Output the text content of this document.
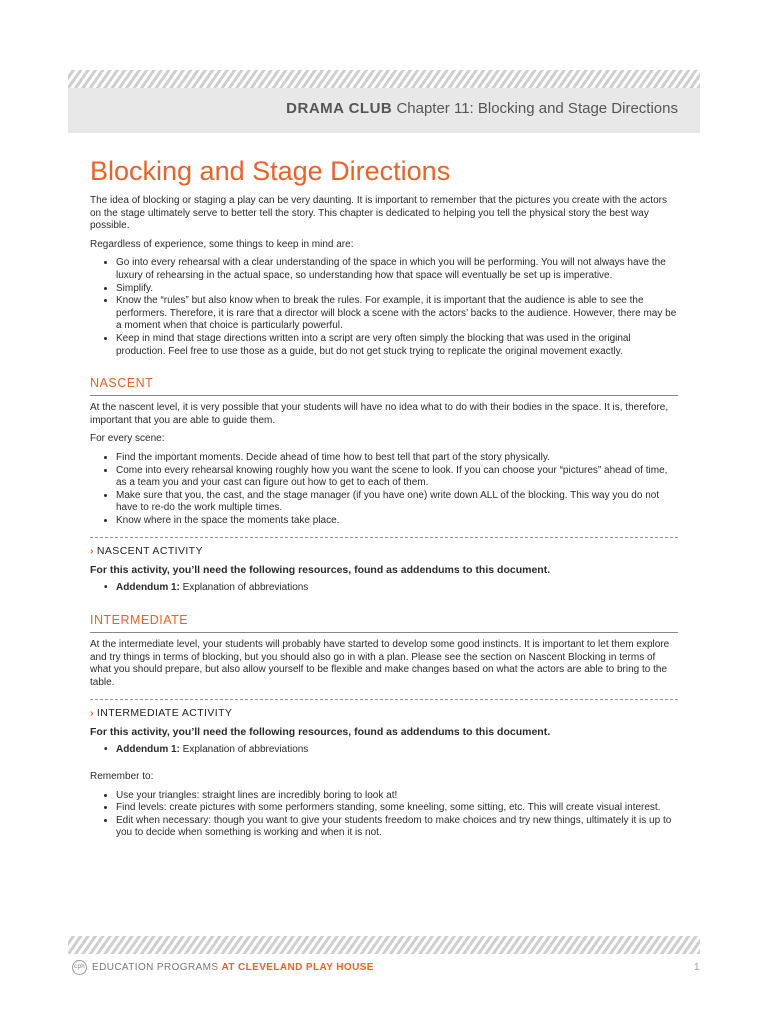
DRAMA CLUB Chapter 11: Blocking and Stage Directions
Blocking and Stage Directions

The idea of blocking or staging a play can be very daunting. It is important to remember that the pictures you create with the actors on the stage ultimately serve to better tell the story. This chapter is dedicated to helping you tell the physical story the best way possible.

Regardless of experience, some things to keep in mind are:

• Go into every rehearsal with a clear understanding of the space in which you will be performing. You will not always have the luxury of rehearsing in the actual space, so understanding how that space will eventually be set up is imperative.
• Simplify.
• Know the “rules” but also know when to break the rules. For example, it is important that the audience is able to see the performers. Therefore, it is rare that a director will block a scene with the actors’ backs to the audience. However, there may be a moment when that choice is particularly powerful.
• Keep in mind that stage directions written into a script are very often simply the blocking that was used in the original production. Feel free to use those as a guide, but do not get stuck trying to replicate the original movement exactly.
NASCENT

At the nascent level, it is very possible that your students will have no idea what to do with their bodies in the space. It is, therefore, important that you are able to guide them.

For every scene:

• Find the important moments. Decide ahead of time how to best tell that part of the story physically.
• Come into every rehearsal knowing roughly how you want the scene to look. If you can choose your “pictures” ahead of time, as a team you and your cast can figure out how to get to each of them.
• Make sure that you, the cast, and the stage manager (if you have one) write down ALL of the blocking. This way you do not have to re-do the work multiple times.
• Know where in the space the moments take place.
› NASCENT ACTIVITY
For this activity, you’ll need the following resources, found as addendums to this document.
• Addendum 1: Explanation of abbreviations
INTERMEDIATE

At the intermediate level, your students will probably have started to develop some good instincts. It is important to let them explore and try things in terms of blocking, but you should also go in with a plan. Please see the section on Nascent Blocking in terms of what you should prepare, but also allow yourself to be flexible and make changes based on what the actors are able to bring to the table.

› INTERMEDIATE ACTIVITY
For this activity, you’ll need the following resources, found as addendums to this document.
• Addendum 1: Explanation of abbreviations

Remember to:

• Use your triangles: straight lines are incredibly boring to look at!
• Find levels: create pictures with some performers standing, some kneeling, some sitting, etc. This will create visual interest.
• Edit when necessary: though you want to give your students freedom to make choices and try new things, ultimately it is up to you to decide when something is working and when it is not.
cph EDUCATION PROGRAMS AT CLEVELAND PLAY HOUSE	1
